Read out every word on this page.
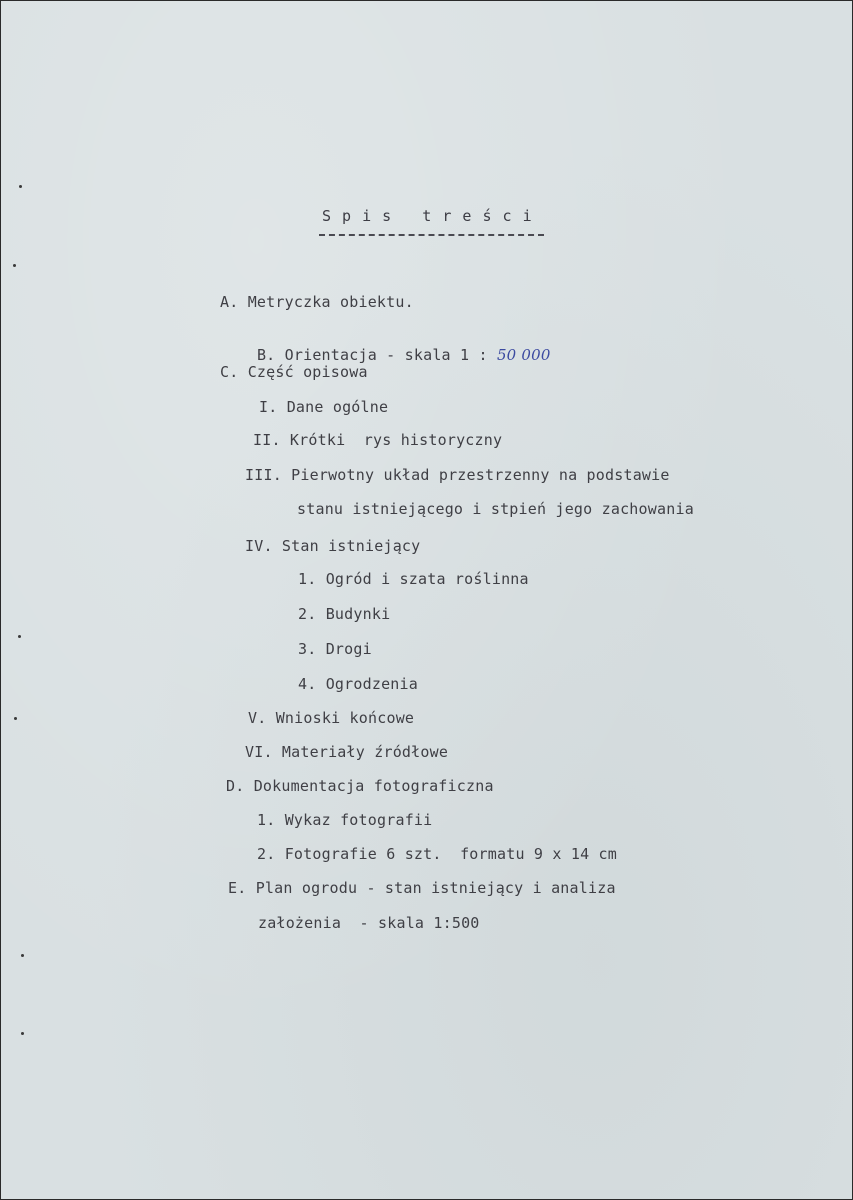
S p i s   t r e ś c i
A. Metryczka obiektu.

B. Orientacja - skala 1 : 50 000

C. Część opisowa
I. Dane ogólne
II. Krótki  rys historyczny
III. Pierwotny układ przestrzenny na podstawie
stanu istniejącego i stpień jego zachowania
IV. Stan istniejący
1. Ogród i szata roślinna
2. Budynki
3. Drogi
4. Ogrodzenia
V. Wnioski końcowe
VI. Materiały źródłowe
D. Dokumentacja fotograficzna
1. Wykaz fotografii
2. Fotografie 6 szt.  formatu 9 x 14 cm
E. Plan ogrodu - stan istniejący i analiza
założenia  - skala 1:500
